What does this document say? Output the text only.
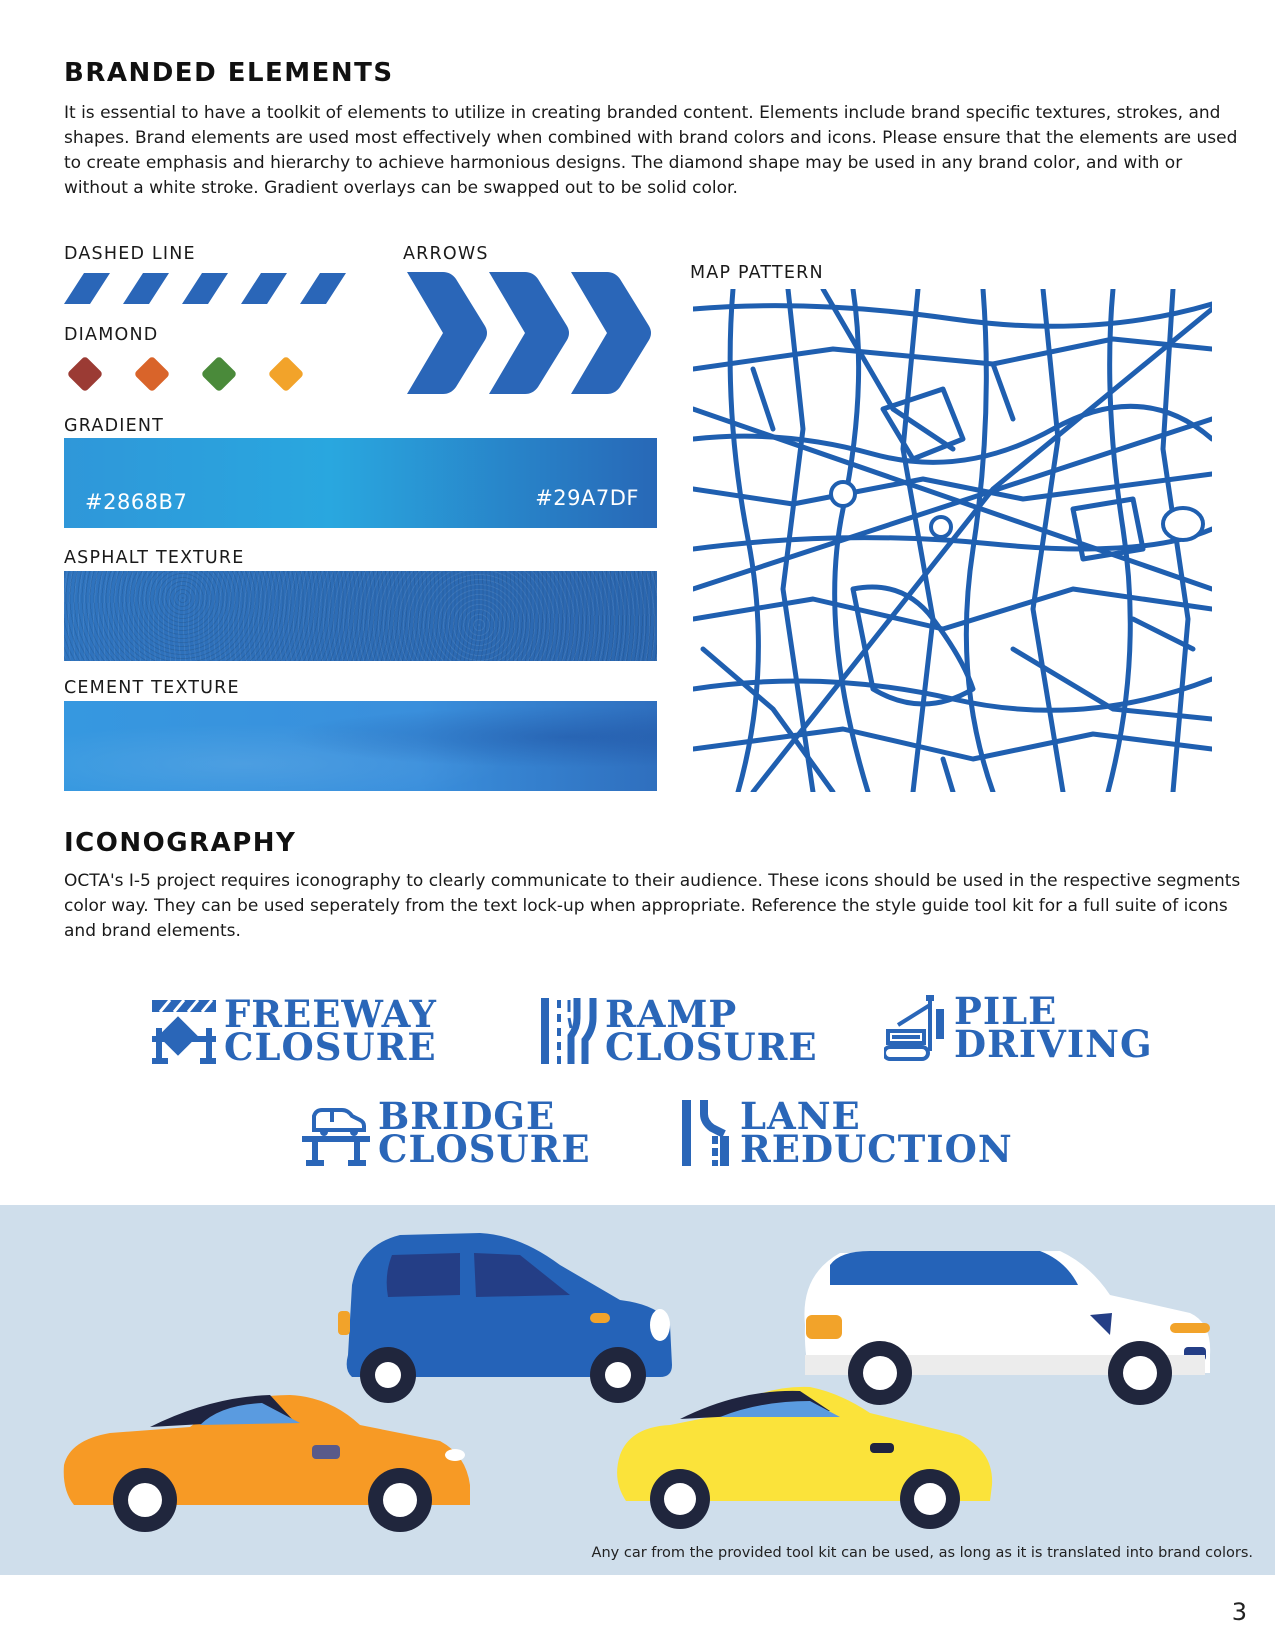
BRANDED ELEMENTS
It is essential to have a toolkit of elements to utilize in creating branded content. Elements include brand specific textures, strokes, and shapes. Brand elements are used most effectively when combined with brand colors and icons. Please ensure that the elements are used to create emphasis and hierarchy to achieve harmonious designs. The diamond shape may be used in any brand color, and with or without a white stroke. Gradient overlays can be swapped out to be solid color.
DASHED LINE	ARROWS
MAP PATTERN
DIAMOND
GRADIENT
ASPHALT TEXTURE
CEMENT TEXTURE
#2868B7	#29A7DF
ICONOGRAPHY
OCTA's I-5 project requires iconography to clearly communicate to their audience. These icons should be used in the respective segments color way. They can be used seperately from the text lock-up when appropriate. Reference the style guide tool kit for a full suite of icons and brand elements.
FREEWAY
CLOSURE
RAMP
CLOSURE
PILE
DRIVING
BRIDGE
CLOSURE
LANE
REDUCTION
Any car from the provided tool kit can be used, as long as it is translated into brand colors.
3
